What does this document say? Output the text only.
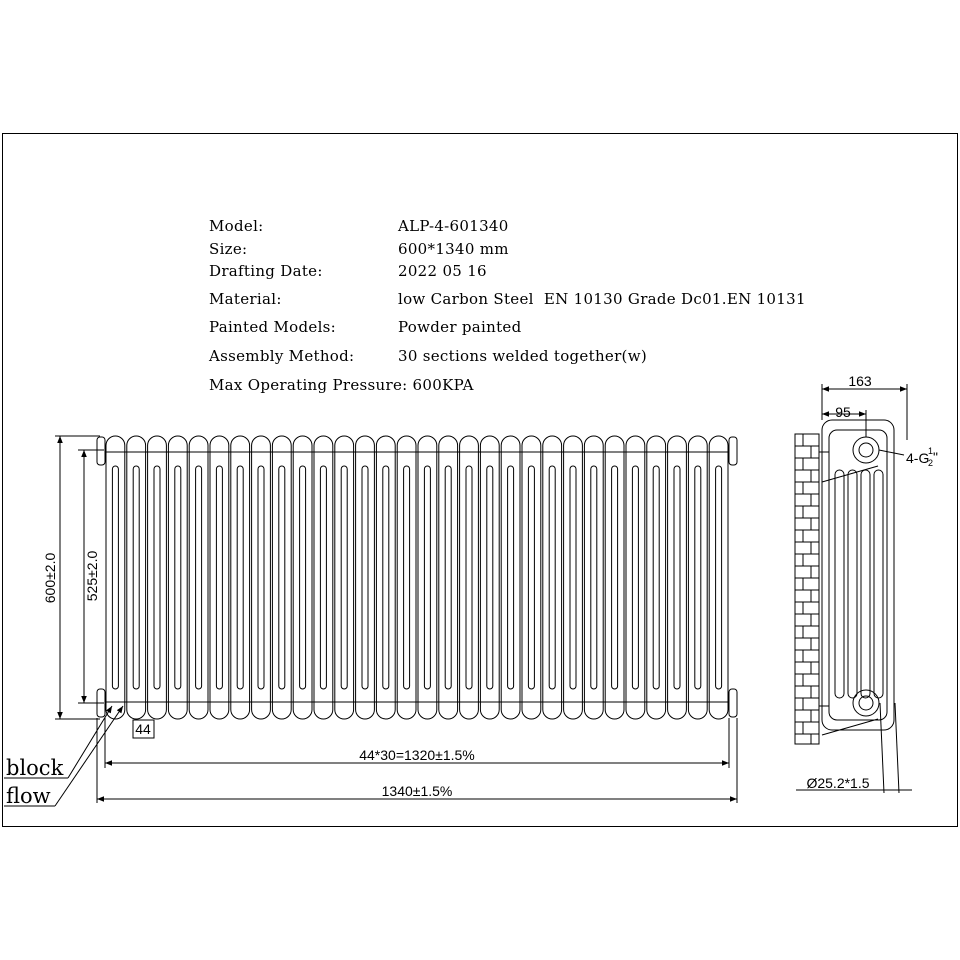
Model:	ALP-4-601340
Size:	600*1340 mm
Drafting Date:	2022 05 16
Material:	low Carbon Steel  EN 10130 Grade Dc01.EN 10131
Painted Models:	Powder painted
Assembly Method:	30 sections welded together(w)
Max Operating Pressure: 600KPA
600±2.0 525±2.0
44
44*30=1320±1.5%
1340±1.5%
block
flow
163
95
4-G
1
2 "
Ø25.2*1.5
